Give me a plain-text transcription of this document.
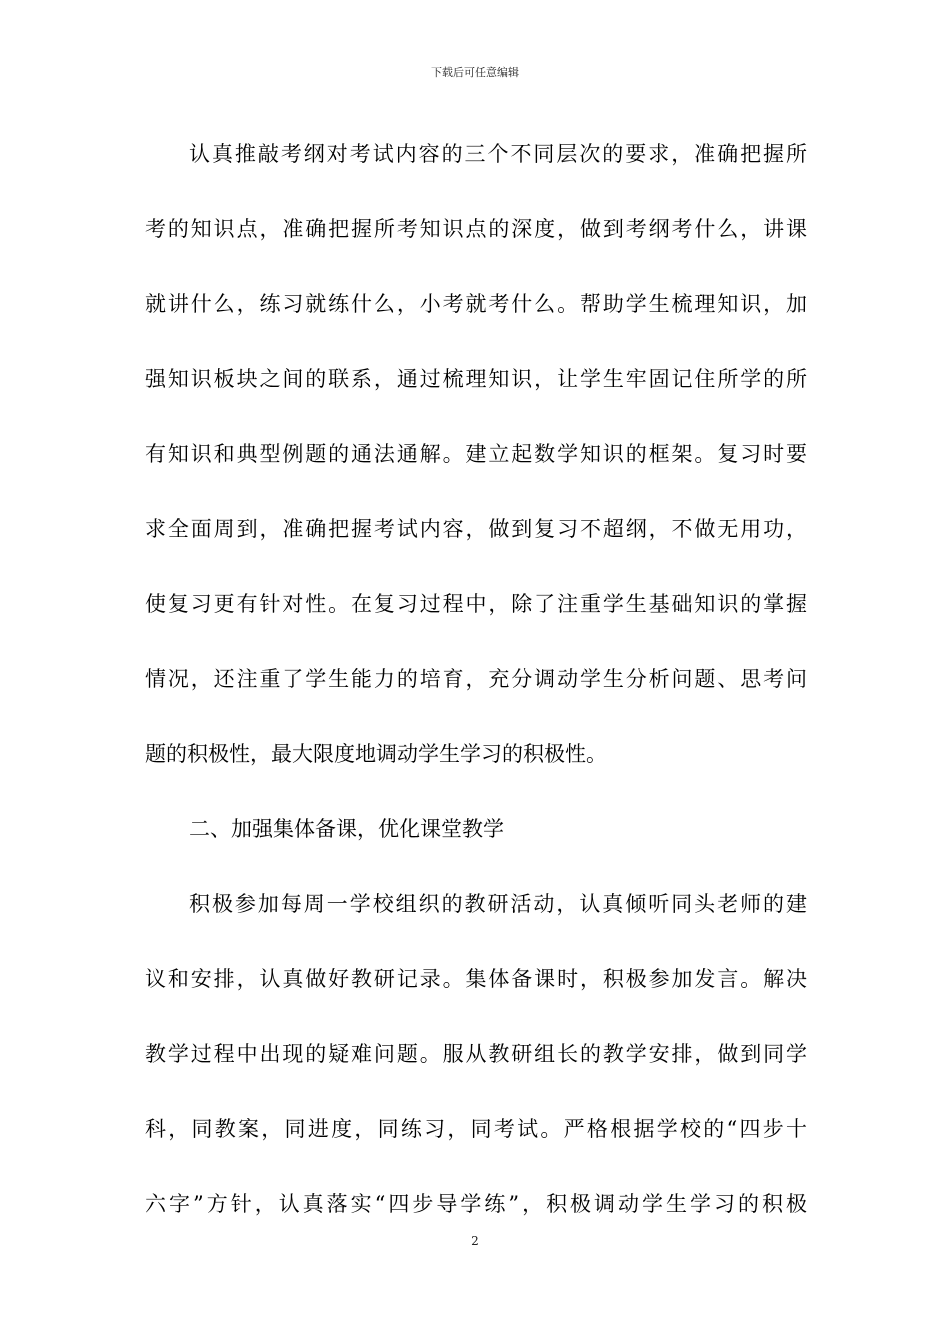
下载后可任意编辑
认真推敲考纲对考试内容的三个不同层次的要求，准确把握所
考的知识点，准确把握所考知识点的深度，做到考纲考什么，讲课
就讲什么，练习就练什么，小考就考什么。帮助学生梳理知识，加
强知识板块之间的联系，通过梳理知识，让学生牢固记住所学的所
有知识和典型例题的通法通解。建立起数学知识的框架。复习时要
求全面周到，准确把握考试内容，做到复习不超纲，不做无用功，
使复习更有针对性。在复习过程中，除了注重学生基础知识的掌握
情况，还注重了学生能力的培育，充分调动学生分析问题、思考问
题的积极性，最大限度地调动学生学习的积极性。
二、加强集体备课，优化课堂教学
积极参加每周一学校组织的教研活动，认真倾听同头老师的建
议和安排，认真做好教研记录。集体备课时，积极参加发言。解决
教学过程中出现的疑难问题。服从教研组长的教学安排，做到同学
科，同教案，同进度，同练习，同考试。严格根据学校的“四步十
六字”方针，认真落实“四步导学练”，积极调动学生学习的积极
2
